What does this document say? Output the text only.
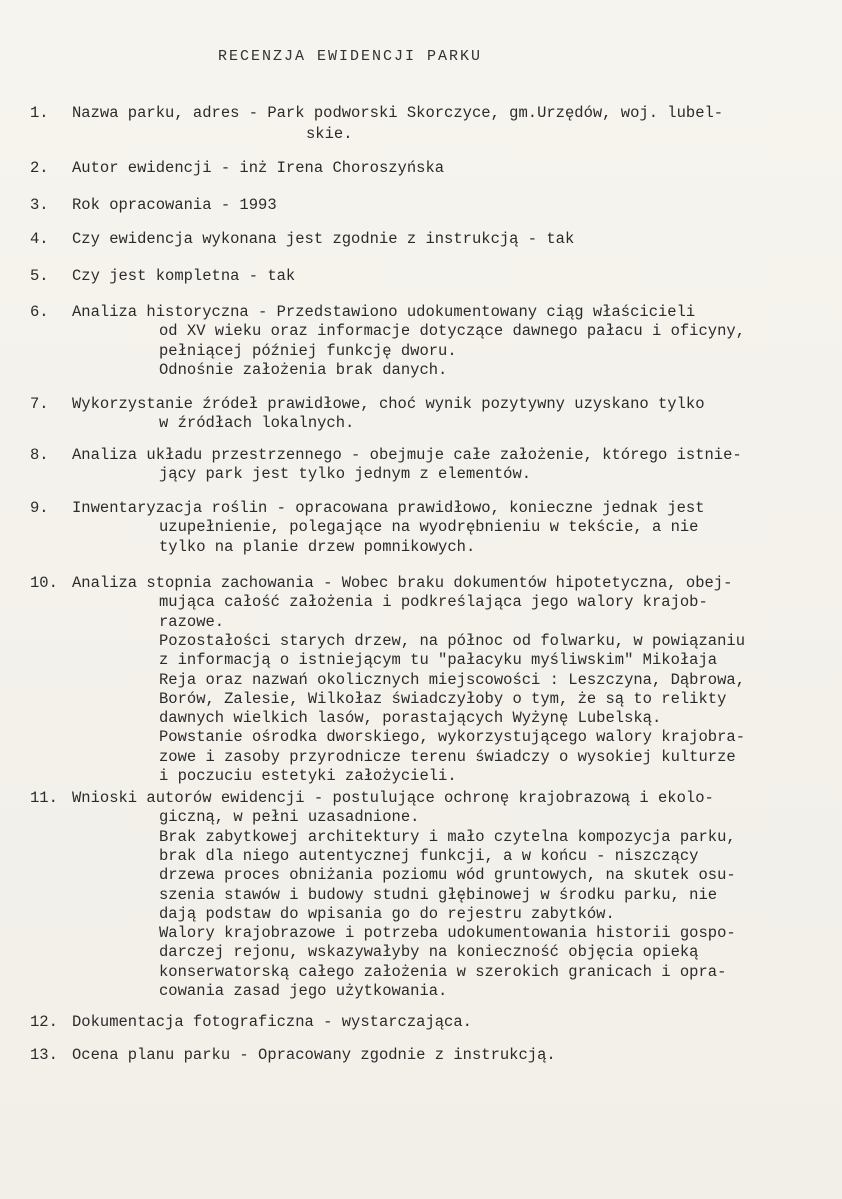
RECENZJA EWIDENCJI PARKU
1.	Nazwa parku, adres - Park podworski Skorczyce, gm.Urzędów, woj. lubel-
skie.
2.	Autor ewidencji - inż Irena Choroszyńska
3.	Rok opracowania - 1993
4.	Czy ewidencja wykonana jest zgodnie z instrukcją - tak
5.	Czy jest kompletna - tak
6.	Analiza historyczna - Przedstawiono udokumentowany ciąg właścicieli
od XV wieku oraz informacje dotyczące dawnego pałacu i oficyny,
pełniącej później funkcję dworu.
Odnośnie założenia brak danych.
7.	Wykorzystanie źródeł prawidłowe, choć wynik pozytywny uzyskano tylko
w źródłach lokalnych.
8.	Analiza układu przestrzennego - obejmuje całe założenie, którego istnie-
jący park jest tylko jednym z elementów.
9.	Inwentaryzacja roślin - opracowana prawidłowo, konieczne jednak jest
uzupełnienie, polegające na wyodrębnieniu w tekście, a nie
tylko na planie drzew pomnikowych.
10. Analiza stopnia zachowania - Wobec braku dokumentów hipotetyczna, obej-
mująca całość założenia i podkreślająca jego walory krajob-
razowe.
Pozostałości starych drzew, na północ od folwarku, w powiązaniu
z informacją o istniejącym tu "pałacyku myśliwskim" Mikołaja
Reja oraz nazwań okolicznych miejscowości : Leszczyna, Dąbrowa,
Borów, Zalesie, Wilkołaz świadczyłoby o tym, że są to relikty
dawnych wielkich lasów, porastających Wyżynę Lubelską.
Powstanie ośrodka dworskiego, wykorzystującego walory krajobra-
zowe i zasoby przyrodnicze terenu świadczy o wysokiej kulturze
i poczuciu estetyki założycieli.
11. Wnioski autorów ewidencji - postulujące ochronę krajobrazową i ekolo-
giczną, w pełni uzasadnione.
Brak zabytkowej architektury i mało czytelna kompozycja parku,
brak dla niego autentycznej funkcji, a w końcu - niszczący
drzewa proces obniżania poziomu wód gruntowych, na skutek osu-
szenia stawów i budowy studni głębinowej w środku parku, nie
dają podstaw do wpisania go do rejestru zabytków.
Walory krajobrazowe i potrzeba udokumentowania historii gospo-
darczej rejonu, wskazywałyby na konieczność objęcia opieką
konserwatorską całego założenia w szerokich granicach i opra-
cowania zasad jego użytkowania.
12. Dokumentacja fotograficzna - wystarczająca.
13. Ocena planu parku - Opracowany zgodnie z instrukcją.
